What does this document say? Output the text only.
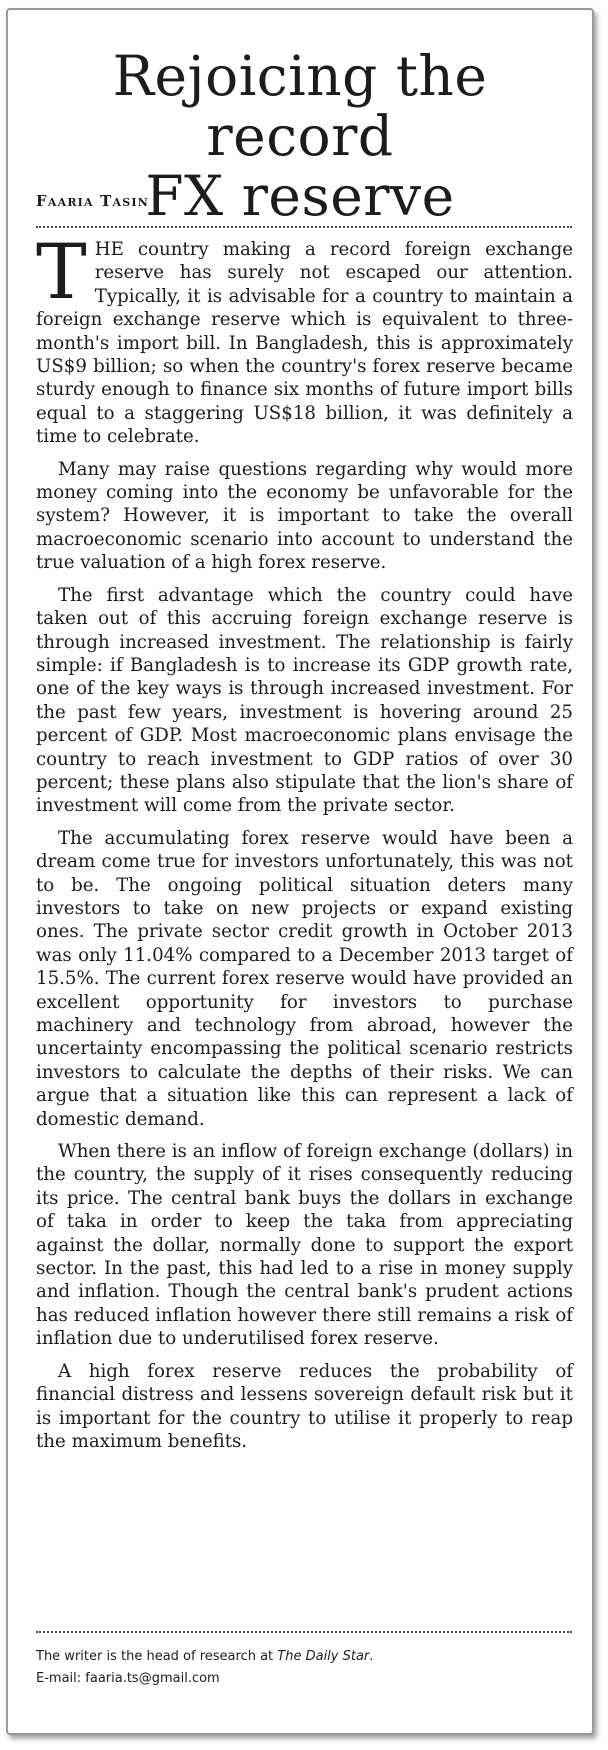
Rejoicing the record
FX reserve
Faaria Tasin

THE country making a record foreign exchange reserve has surely not escaped our attention. Typically, it is advisable for a country to maintain a foreign exchange reserve which is equivalent to three-month's import bill. In Bangladesh, this is approximately US$9 billion; so when the country's forex reserve became sturdy enough to finance six months of future import bills equal to a staggering US$18 billion, it was definitely a time to celebrate.

Many may raise questions regarding why would more money coming into the economy be unfavorable for the system? However, it is important to take the overall macroeconomic scenario into account to understand the true valuation of a high forex reserve.

The first advantage which the country could have taken out of this accruing foreign exchange reserve is through increased investment. The relationship is fairly simple: if Bangladesh is to increase its GDP growth rate, one of the key ways is through increased investment. For the past few years, investment is hovering around 25 percent of GDP. Most macroeconomic plans envisage the country to reach investment to GDP ratios of over 30 percent; these plans also stipulate that the lion's share of investment will come from the private sector.

The accumulating forex reserve would have been a dream come true for investors unfortunately, this was not to be. The ongoing political situation deters many investors to take on new projects or expand existing ones. The private sector credit growth in October 2013 was only 11.04% compared to a December 2013 target of 15.5%. The current forex reserve would have provided an excellent opportunity for investors to purchase machinery and technology from abroad, however the uncertainty encompassing the political scenario restricts investors to calculate the depths of their risks. We can argue that a situation like this can represent a lack of domestic demand.

When there is an inflow of foreign exchange (dollars) in the country, the supply of it rises consequently reducing its price. The central bank buys the dollars in exchange of taka in order to keep the taka from appreciating against the dollar, normally done to support the export sector. In the past, this had led to a rise in money supply and inflation. Though the central bank's prudent actions has reduced inflation however there still remains a risk of inflation due to underutilised forex reserve.

A high forex reserve reduces the probability of financial distress and lessens sovereign default risk but it is important for the country to utilise it properly to reap the maximum benefits.

The writer is the head of research at The Daily Star.
E-mail: faaria.ts@gmail.com
